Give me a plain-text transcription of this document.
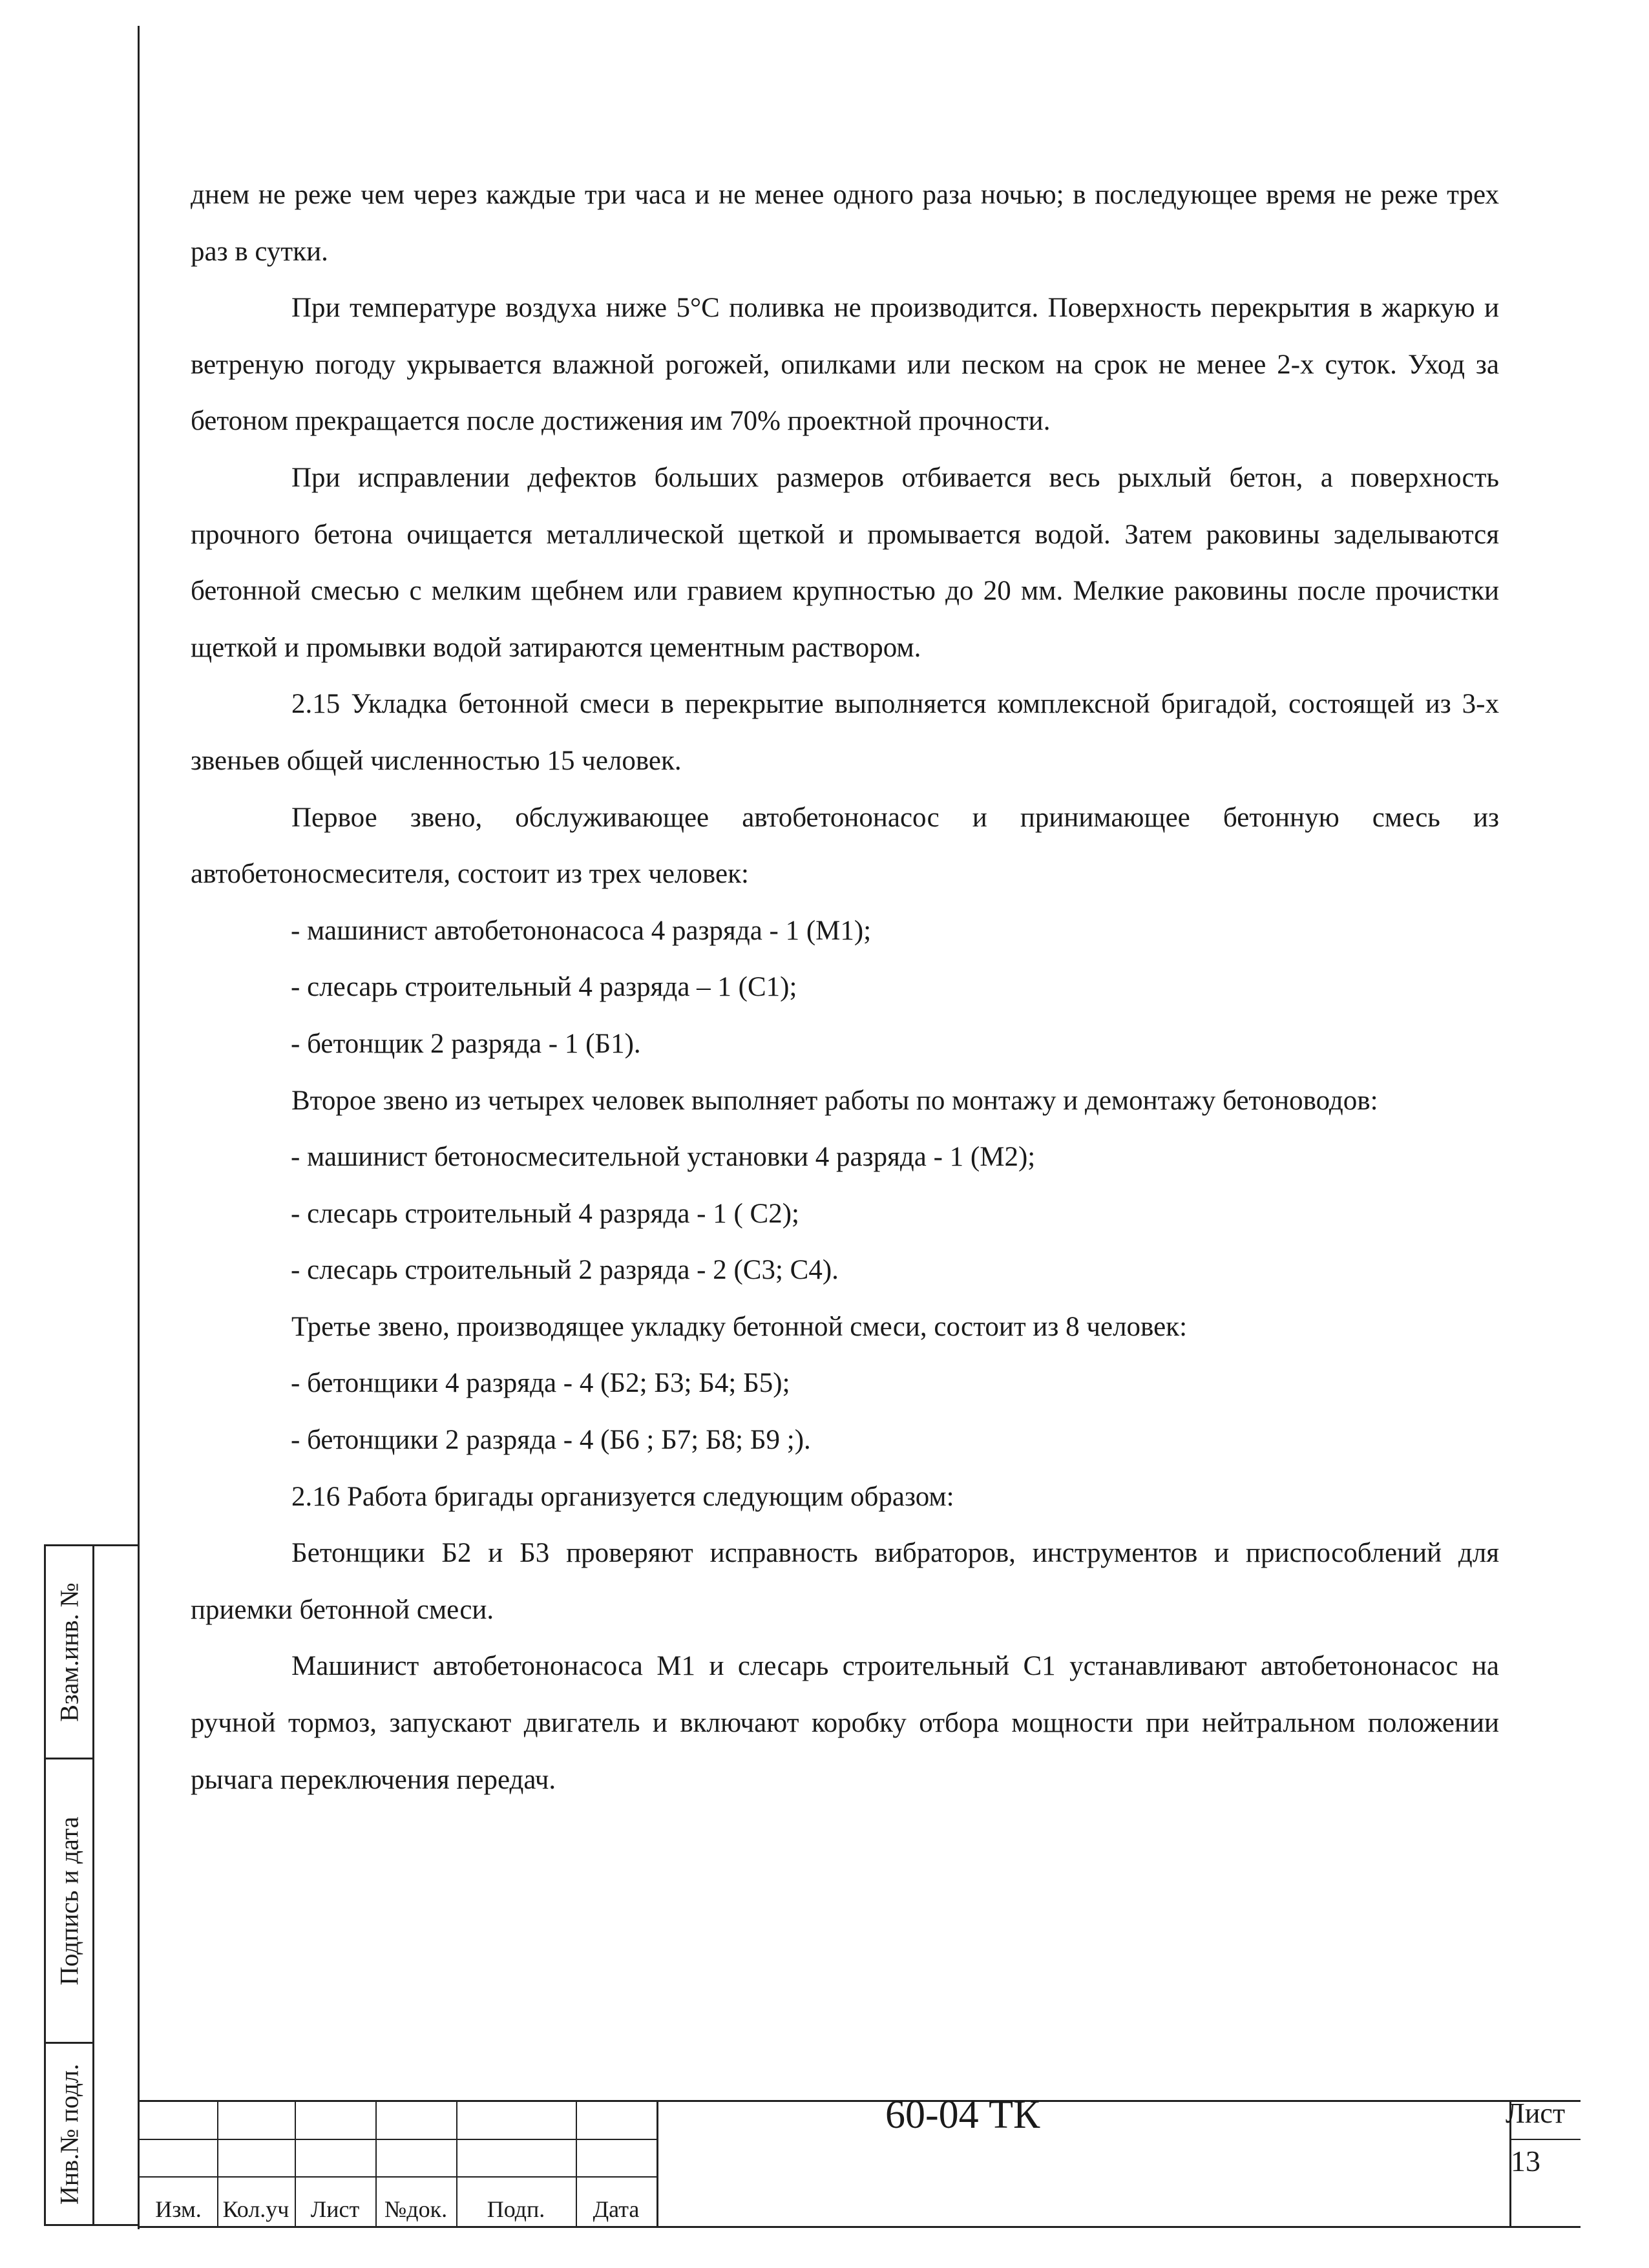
днем не реже чем через каждые три часа и не менее одного раза ночью; в последующее время не реже трех раз в сутки.

При температуре воздуха ниже 5°С поливка не производится. Поверхность перекрытия в жаркую и ветреную погоду укрывается влажной рогожей, опилками или песком на срок не менее 2-х суток. Уход за бетоном прекращается после достижения им 70% проектной прочности.

При исправлении дефектов больших размеров отбивается весь рыхлый бетон, а поверхность прочного бетона очищается металлической щеткой и промывается водой. Затем раковины заделываются бетонной смесью с мелким щебнем или гравием крупностью до 20 мм. Мелкие раковины после прочистки щеткой и промывки водой затираются цементным раствором.

2.15 Укладка бетонной смеси в перекрытие выполняется комплексной бригадой, состоящей из 3-х звеньев общей численностью 15 человек.

Первое звено, обслуживающее автобетононасос и принимающее бетонную смесь из автобетоносмесителя, состоит из трех человек:

- машинист автобетононасоса 4 разряда - 1 (М1);

- слесарь строительный 4 разряда – 1 (С1);

- бетонщик 2 разряда - 1 (Б1).

Второе звено из четырех человек выполняет работы по монтажу и демонтажу бетоноводов:

- машинист бетоносмесительной установки 4 разряда - 1 (М2);

- слесарь строительный 4 разряда - 1 ( С2);

- слесарь строительный 2 разряда - 2 (С3; С4).

Третье звено, производящее укладку бетонной смеси, состоит из 8 человек:

- бетонщики 4 разряда - 4 (Б2; Б3; Б4; Б5);

- бетонщики 2 разряда - 4 (Б6 ; Б7; Б8; Б9 ;).

2.16 Работа бригады организуется следующим образом:

Бетонщики Б2 и Б3 проверяют исправность вибраторов, инструментов и приспособлений для приемки бетонной смеси.

Машинист автобетононасоса М1 и слесарь строительный С1 устанавливают автобетононасос на ручной тормоз, запускают двигатель и включают коробку отбора мощности при нейтральном положении рычага переключения передач.

Взам.инв. №
Подпись и дата
Инв.№ подл.
Изм. Кол.уч Лист	№док.	Подп.	Дата
60-04 ТК	Лист
13
